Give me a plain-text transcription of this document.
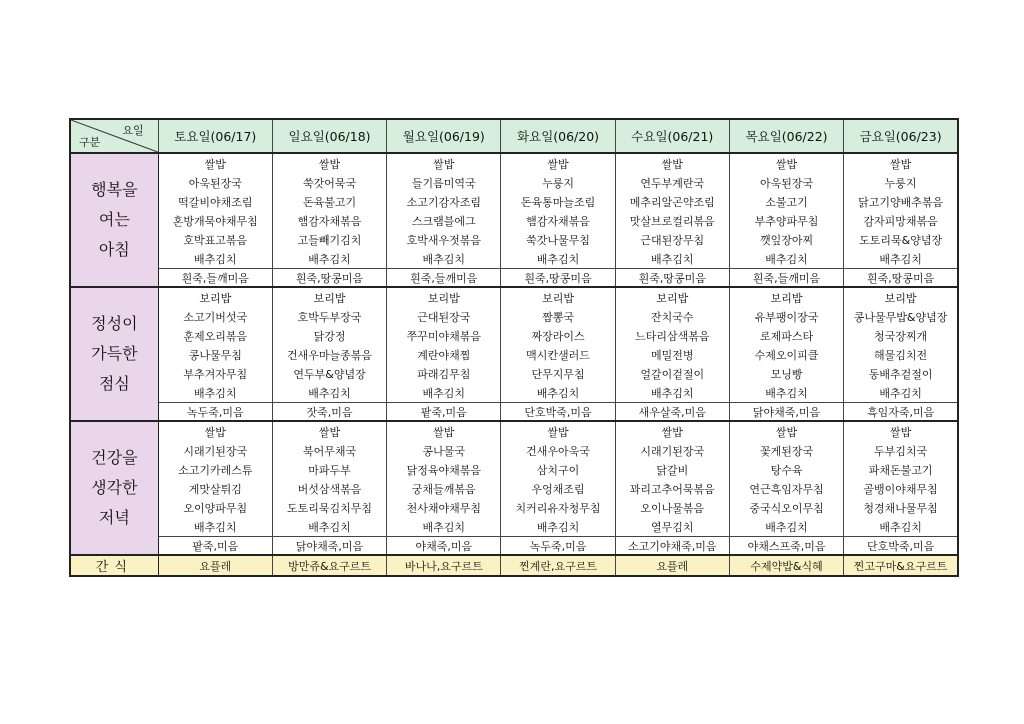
요일
구분	토요일(06/17)	일요일(06/18)	월요일(06/19)	화요일(06/20)	수요일(06/21)	목요일(06/22)	금요일(06/23)

행복을
여는
아침	쌀밥	쌀밥	쌀밥	쌀밥	쌀밥	쌀밥	쌀밥
	아욱된장국	쑥갓어묵국	들기름미역국	누룽지	연두부계란국	아욱된장국	누룽지
	떡갈비야채조림	돈육불고기	소고기감자조림	돈육통마늘조림	메추리알곤약조림	소불고기	닭고기양배추볶음
	혼방개묵야채무침	햄감자채볶음	스크램블에그	햄감자채볶음	맛살브로컬리볶음	부추양파무침	감자피망채볶음
	호박표고볶음	고들빼기김치	호박새우젓볶음	쑥갓나물무침	근대된장무침	깻잎장아찌	도토리묵&양념장
	배추김치	배추김치	배추김치	배추김치	배추김치	배추김치	배추김치
	흰죽,들깨미음	흰죽,땅콩미음	흰죽,들깨미음	흰죽,땅콩미음	흰죽,땅콩미음	흰죽,들깨미음	흰죽,땅콩미음

정성이
가득한
점심	보리밥	보리밥	보리밥	보리밥	보리밥	보리밥	보리밥
	소고기버섯국	호박두부장국	근대된장국	짬뽕국	잔치국수	유부팽이장국	콩나물무밥&양념장
	훈제오리볶음	닭강정	쭈꾸미야채볶음	짜장라이스	느타리삼색볶음	로제파스타	청국장찌개
	콩나물무침	건새우마늘종볶음	계란야채찜	맥시칸샐러드	메밀전병	수제오이피클	해물김치전
	부추겨자무침	연두부&양념장	파래김무침	단무지무침	얼갈이겉절이	모닝빵	동배추겉절이
	배추김치	배추김치	배추김치	배추김치	배추김치	배추김치	배추김치
	녹두죽,미음	잣죽,미음	팥죽,미음	단호박죽,미음	새우살죽,미음	닭야채죽,미음	흑임자죽,미음

건강을
생각한
저녁	쌀밥	쌀밥	쌀밥	쌀밥	쌀밥	쌀밥	쌀밥
	시래기된장국	북어무채국	콩나물국	건새우아욱국	시래기된장국	꽃게된장국	두부김치국
	소고기카레스튜	마파두부	닭정육야채볶음	삼치구이	닭갈비	탕수육	파채돈불고기
	게맛살튀김	버섯삼색볶음	궁채들깨볶음	우엉채조림	꽈리고추어묵볶음	연근흑임자무침	골뱅이야채무침
	오이양파무침	도토리묵김치무침	천사채야채무침	치커리유자청무침	오이나물볶음	중국식오이무침	청경채나물무침
	배추김치	배추김치	배추김치	배추김치	열무김치	배추김치	배추김치
	팥죽,미음	닭야채죽,미음	야채죽,미음	녹두죽,미음	소고기야채죽,미음	야채스프죽,미음	단호박죽,미음
간식	요플레	방만쥬&요구르트	바나나,요구르트	찐계란,요구르트	요플레	수제약밥&식혜	찐고구마&요구르트
